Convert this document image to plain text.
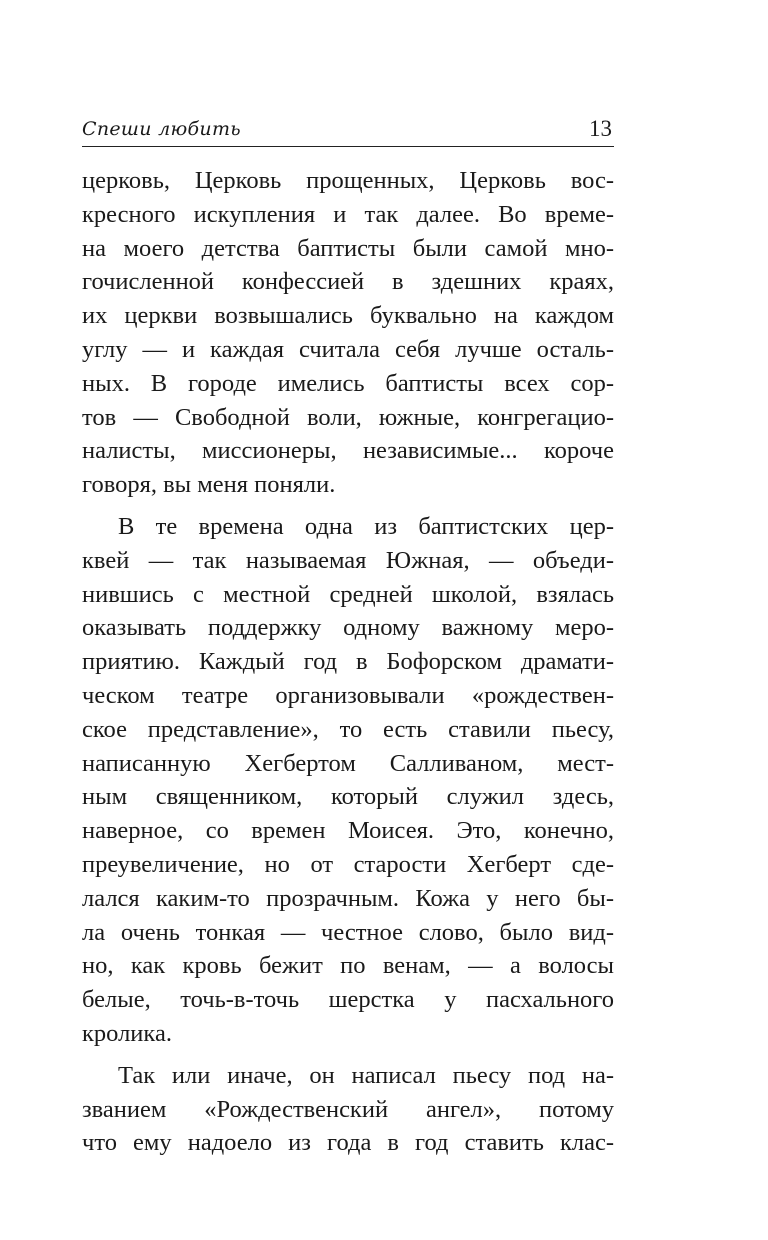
Спеши любить	13
церковь, Церковь прощенных, Церковь вос-
кресного искупления и так далее. Во време-
на моего детства баптисты были самой мно-
гочисленной конфессией в здешних краях,
их церкви возвышались буквально на каждом
углу — и каждая считала себя лучше осталь-
ных. В городе имелись баптисты всех сор-
тов — Свободной воли, южные, конгрегацио-
налисты, миссионеры, независимые... короче
говоря, вы меня поняли.
В те времена одна из баптистских цер-
квей — так называемая Южная, — объеди-
нившись с местной средней школой, взялась
оказывать поддержку одному важному меро-
приятию. Каждый год в Бофорском драмати-
ческом театре организовывали «рождествен-
ское представление», то есть ставили пьесу,
написанную Хегбертом Салливаном, мест-
ным священником, который служил здесь,
наверное, со времен Моисея. Это, конечно,
преувеличение, но от старости Хегберт сде-
лался каким-то прозрачным. Кожа у него бы-
ла очень тонкая — честное слово, было вид-
но, как кровь бежит по венам, — а волосы
белые, точь-в-точь шерстка у пасхального
кролика.
Так или иначе, он написал пьесу под на-
званием «Рождественский ангел», потому
что ему надоело из года в год ставить клас-
